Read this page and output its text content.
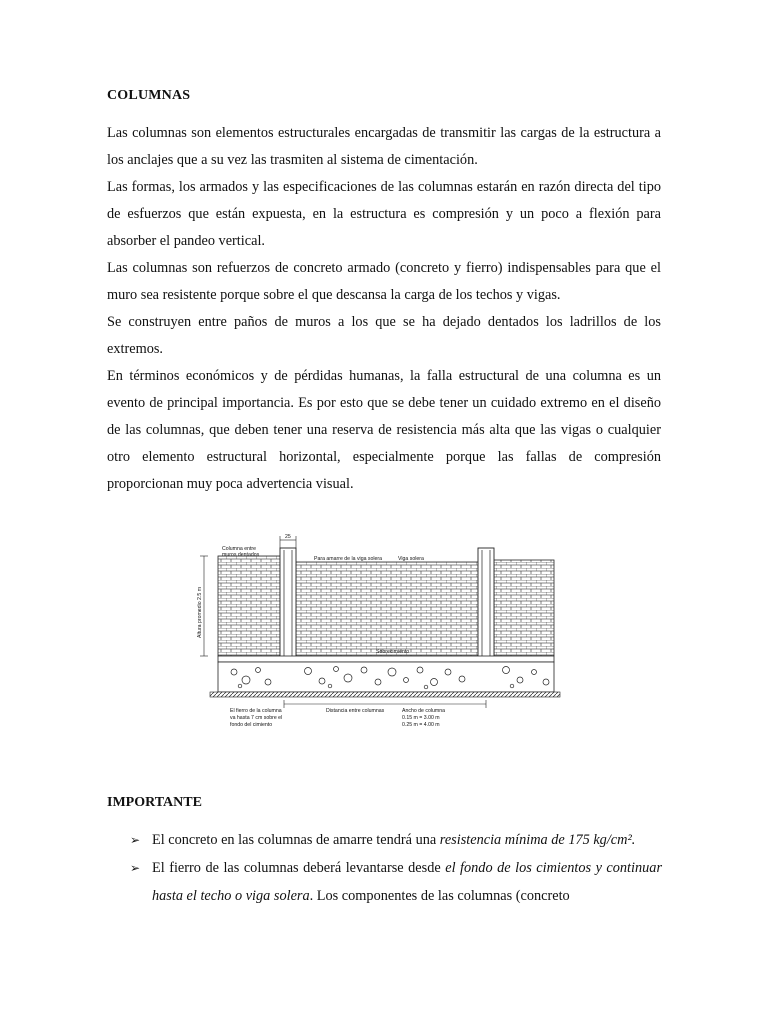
COLUMNAS

Las columnas son elementos estructurales encargadas de transmitir las cargas de la estructura a los anclajes que a su vez las trasmiten al sistema de cimentación.

Las formas, los armados y las especificaciones de las columnas estarán en razón directa del tipo de esfuerzos que están expuesta, en la estructura es compresión y un poco a flexión para absorber el pandeo vertical.

Las columnas son refuerzos de concreto armado (concreto y fierro) indispensables para que el muro sea resistente porque sobre el que descansa la carga de los techos y vigas.

Se construyen entre paños de muros a los que se ha dejado dentados los ladrillos de los extremos.

En términos económicos y de pérdidas humanas, la falla estructural de una columna es un evento de principal importancia. Es por esto que se debe tener un cuidado extremo en el diseño de las columnas, que deben tener una reserva de resistencia más alta que las vigas o cualquier otro elemento estructural horizontal, especialmente porque las fallas de compresión proporcionan muy poca advertencia visual.

25
Altura promedio 2.5 m
Columna entre
muros dentados
Para amarre de la viga solera	Viga solera
Sobrecimiento
El fierro de la columna
va hasta 7 cm sobre el
fondo del cimiento
Distancia entre columnas	Ancho de columna
0.15 m = 3.00 m
0.25 m = 4.00 m
IMPORTANTE
➢ El concreto en las columnas de amarre tendrá una resistencia mínima de 175 kg/cm².
➢ El fierro de las columnas deberá levantarse desde el fondo de los cimientos y continuar hasta el techo o viga solera. Los componentes de las columnas (concreto
